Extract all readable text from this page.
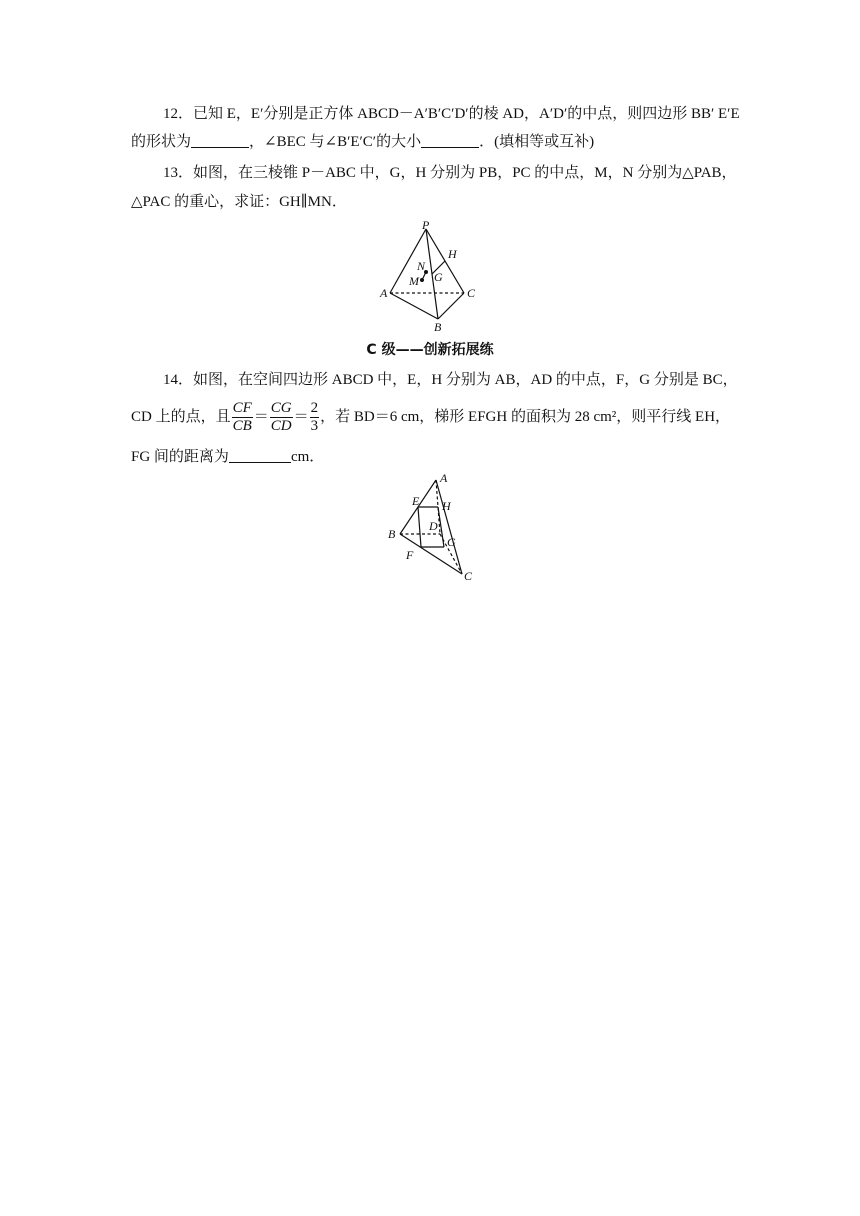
12．已知 E，E′分别是正方体 ABCD－A′B′C′D′的棱 AD，A′D′的中点，则四边形 BB′ E′E
的形状为	，∠BEC 与∠B′E′C′的大小	．(填相等或互补)
13．如图，在三棱锥 P－ABC 中，G，H 分别为 PB，PC 的中点，M，N 分别为△PAB，
△PAC 的重心，求证：GH∥MN．
P
H
N
G
M
A	C
B
C 级——创新拓展练
14．如图，在空间四边形 ABCD 中，E，H 分别为 AB，AD 的中点，F，G 分别是 BC，
CD 上的点，且 $\frac{CF}{CB} = \frac{CG}{CD} = \frac{2}{3}$ ，若 BD＝6 cm，梯形 EFGH 的面积为 28 cm²，则平行线 EH，
FG 间的距离为	cm．
A
E H
D
B
G
F
C
